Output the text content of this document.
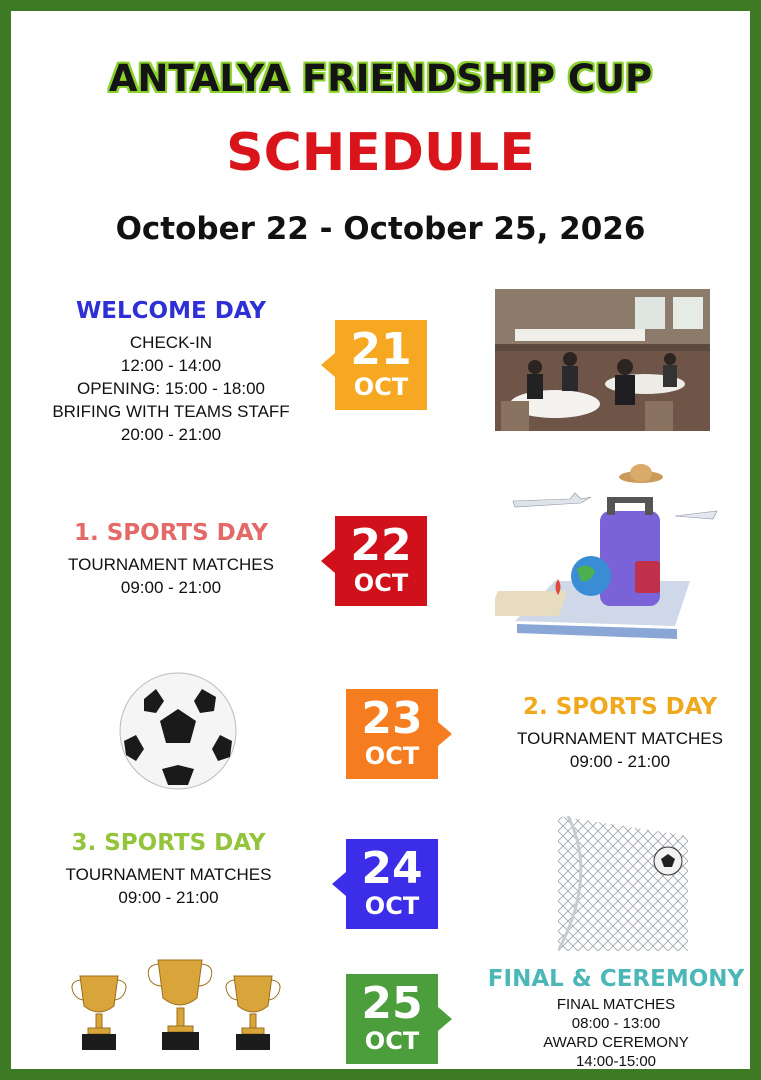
ANTALYA FRIENDSHIP CUP
SCHEDULE
October 22 - October 25, 2026
WELCOME DAY
CHECK-IN
12:00 - 14:00
OPENING: 15:00 - 18:00
BRIFING WITH TEAMS STAFF
20:00 - 21:00
21
OCT
1. SPORTS DAY
TOURNAMENT MATCHES
09:00 - 21:00
22
OCT
23
OCT
2. SPORTS DAY
TOURNAMENT MATCHES
09:00 - 21:00
3. SPORTS DAY
TOURNAMENT MATCHES
09:00 - 21:00
24
OCT
25
OCT
FINAL & CEREMONY
FINAL MATCHES
08:00 - 13:00
AWARD CEREMONY
14:00-15:00
